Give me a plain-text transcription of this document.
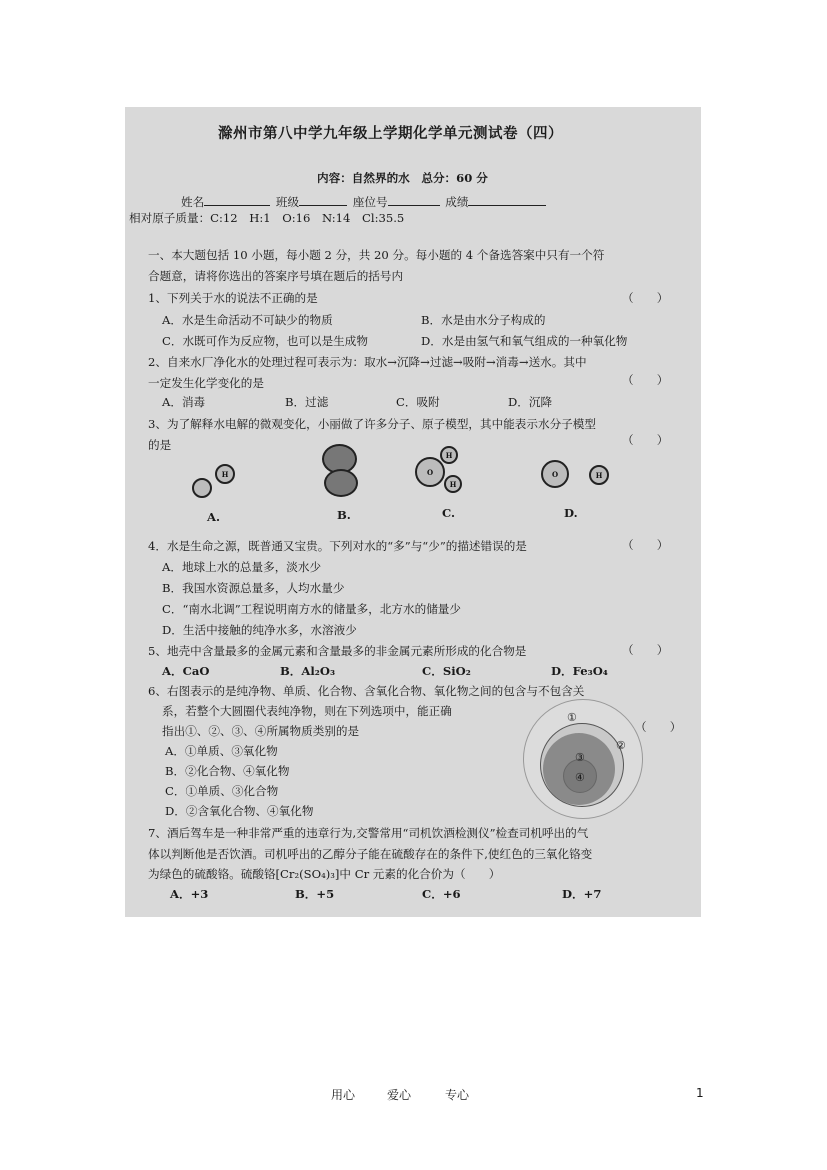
滁州市第八中学九年级上学期化学单元测试卷（四）
内容：自然界的水　总分：60 分
姓名	班级	座位号	成绩
相对原子质量：C:12　H:1　O:16　N:14　Cl:35.5
一、本大题包括 10 小题，每小题 2 分，共 20 分。每小题的 4 个备选答案中只有一个符
合题意，请将你选出的答案序号填在题后的括号内
1、下列关于水的说法不正确的是	（　　）
A．水是生命活动不可缺少的物质	B．水是由水分子构成的
C．水既可作为反应物，也可以是生成物	D．水是由氢气和氧气组成的一种氧化物
2、自来水厂净化水的处理过程可表示为：取水→沉降→过滤→吸附→消毒→送水。其中
一定发生化学变化的是	（　　）
A．消毒	B．过滤	C．吸附	D．沉降
3、为了解释水电解的微观变化，小丽做了许多分子、原子模型，其中能表示水分子模型
的是	（　　）
H	O
H
H
O	H
A.	B.	C.	D.
4．水是生命之源，既普通又宝贵。下列对水的“多”与“少”的描述错误的是	（　　）
A．地球上水的总量多，淡水少
B．我国水资源总量多，人均水量少
C．“南水北调”工程说明南方水的储量多，北方水的储量少
D．生活中接触的纯净水多，水溶液少
5、地壳中含量最多的金属元素和含量最多的非金属元素所形成的化合物是	（　　）
A．CaO	B．Al₂O₃	C．SiO₂	D．Fe₃O₄
6、右图表示的是纯净物、单质、化合物、含氧化合物、氧化物之间的包含与不包含关
系，若整个大圆圈代表纯净物，则在下列选项中，能正确
指出①、②、③、④所属物质类别的是	（　　）
A．①单质、③氧化物
B．②化合物、④氧化物
C．①单质、③化合物
D．②含氧化合物、④氧化物
①
②
③
④
7、酒后驾车是一种非常严重的违章行为,交警常用“司机饮酒检测仪”检查司机呼出的气
体以判断他是否饮酒。司机呼出的乙醇分子能在硫酸存在的条件下,使红色的三氧化铬变
为绿色的硫酸铬。硫酸铬[Cr₂(SO₄)₃]中 Cr 元素的化合价为（　　）
A．+3	B．+5	C．+6	D．+7
用心	爱心	专心	1
